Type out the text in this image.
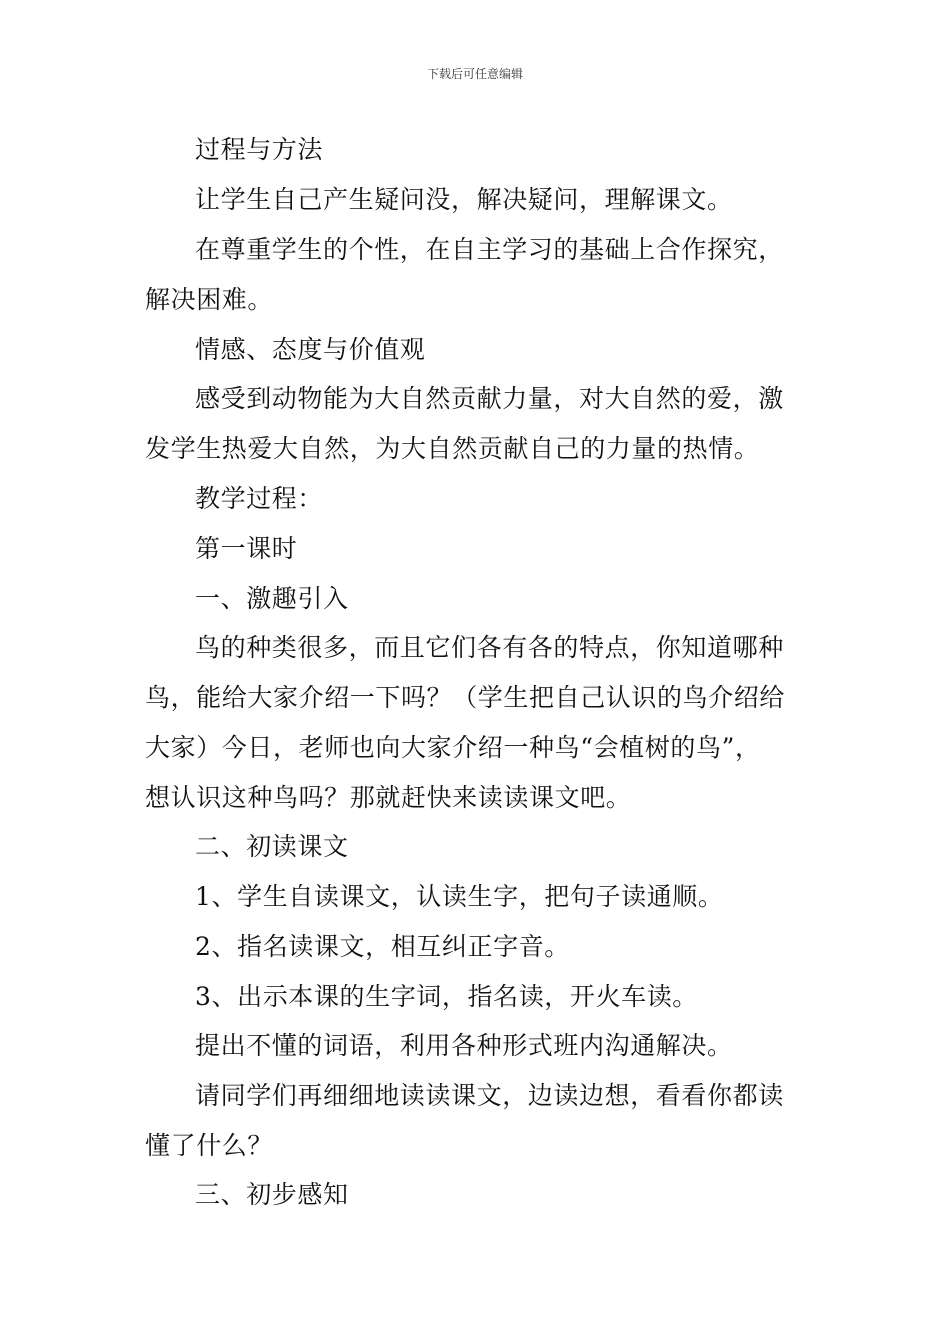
下载后可任意编辑
过程与方法
让学生自己产生疑问没，解决疑问，理解课文。
在尊重学生的个性，在自主学习的基础上合作探究，
解决困难。
情感、态度与价值观
感受到动物能为大自然贡献力量，对大自然的爱，激
发学生热爱大自然，为大自然贡献自己的力量的热情。
教学过程：
第一课时
一、激趣引入
鸟的种类很多，而且它们各有各的特点，你知道哪种
鸟，能给大家介绍一下吗？（学生把自己认识的鸟介绍给
大家）今日，老师也向大家介绍一种鸟“会植树的鸟”，
想认识这种鸟吗？那就赶快来读读课文吧。
二、初读课文
1、学生自读课文，认读生字，把句子读通顺。
2、指名读课文，相互纠正字音。
3、出示本课的生字词，指名读，开火车读。
提出不懂的词语，利用各种形式班内沟通解决。
请同学们再细细地读读课文，边读边想，看看你都读
懂了什么？
三、初步感知
